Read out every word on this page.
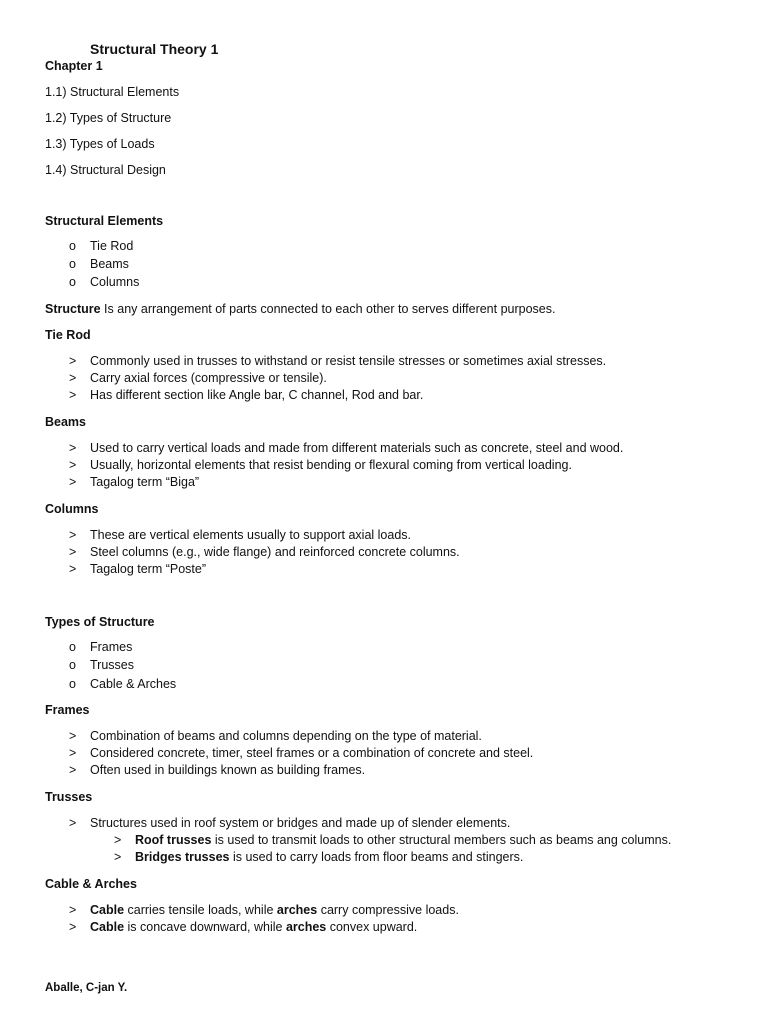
Structural Theory 1
Chapter 1
1.1) Structural Elements
1.2) Types of Structure
1.3) Types of Loads
1.4) Structural Design
Structural Elements
o Tie Rod
o Beams
o Columns
Structure Is any arrangement of parts connected to each other to serves different purposes.
Tie Rod
> Commonly used in trusses to withstand or resist tensile stresses or sometimes axial stresses.
> Carry axial forces (compressive or tensile).
> Has different section like Angle bar, C channel, Rod and bar.
Beams
> Used to carry vertical loads and made from different materials such as concrete, steel and wood.
> Usually, horizontal elements that resist bending or flexural coming from vertical loading.
> Tagalog term “Biga”
Columns
> These are vertical elements usually to support axial loads.
> Steel columns (e.g., wide flange) and reinforced concrete columns.
> Tagalog term “Poste”
Types of Structure
o Frames
o Trusses
o Cable & Arches
Frames
> Combination of beams and columns depending on the type of material.
> Considered concrete, timer, steel frames or a combination of concrete and steel.
> Often used in buildings known as building frames.
Trusses
> Structures used in roof system or bridges and made up of slender elements.
> Roof trusses is used to transmit loads to other structural members such as beams ang columns.
> Bridges trusses is used to carry loads from floor beams and stingers.
Cable & Arches
> Cable carries tensile loads, while arches carry compressive loads.
> Cable is concave downward, while arches convex upward.
Aballe, C-jan Y.
